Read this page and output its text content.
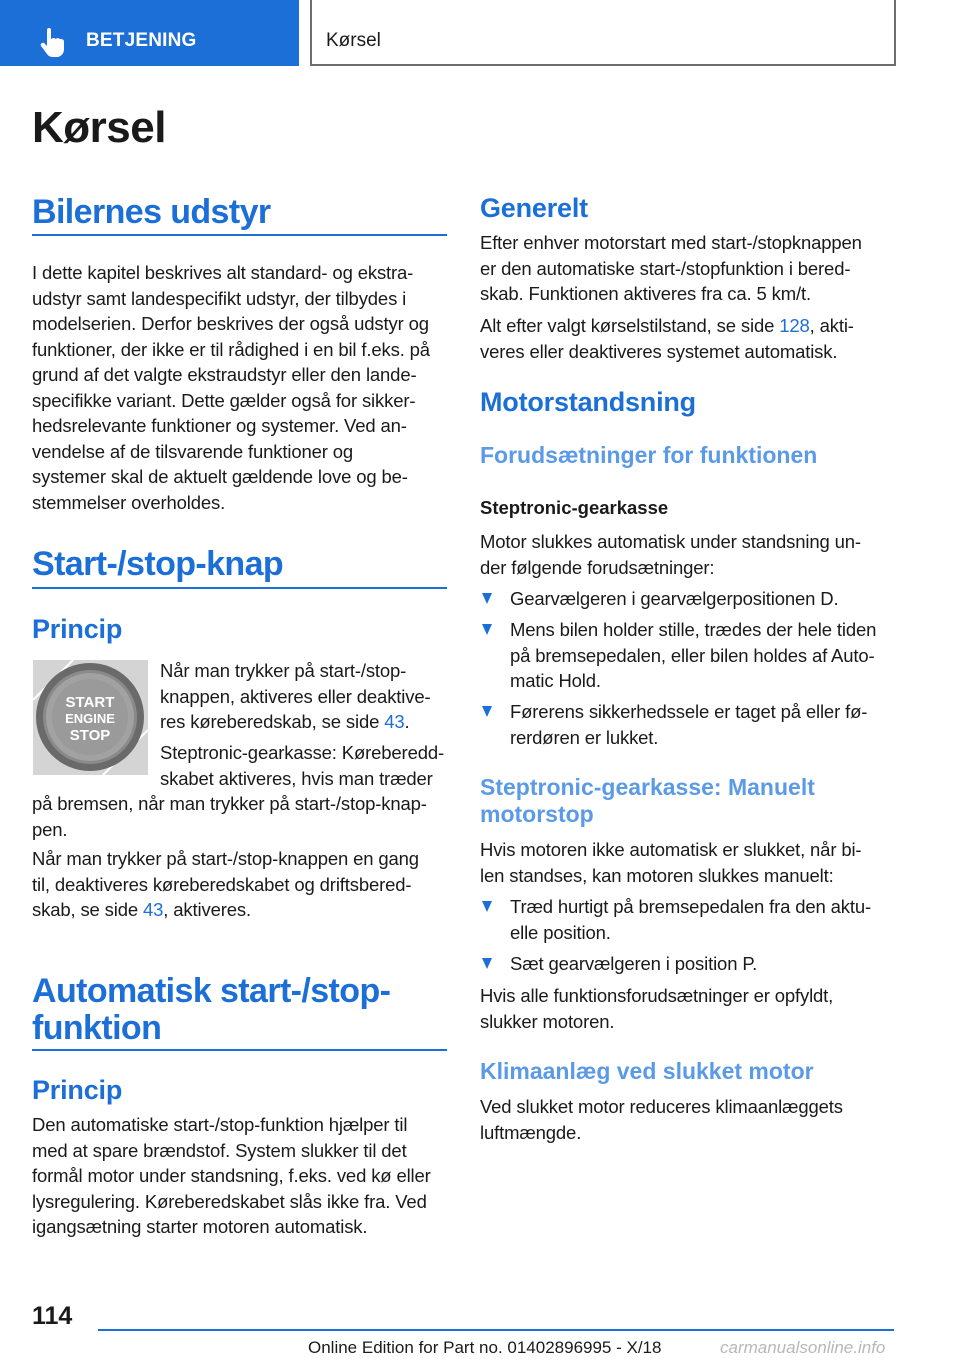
BETJENING	Kørsel
Kørsel
Bilernes udstyr
I dette kapitel beskrives alt standard- og ekstra-
udstyr samt landespecifikt udstyr, der tilbydes i
modelserien. Derfor beskrives der også udstyr og
funktioner, der ikke er til rådighed i en bil f.eks. på
grund af det valgte ekstraudstyr eller den lande-
specifikke variant. Dette gælder også for sikker-
hedsrelevante funktioner og systemer. Ved an-
vendelse af de tilsvarende funktioner og
systemer skal de aktuelt gældende love og be-
stemmelser overholdes.
Start-/stop-knap
Princip
START
ENGINE
STOP
Når man trykker på start-/stop-
knappen, aktiveres eller deaktive-
res køreberedskab, se side 43.
Steptronic-gearkasse: Køreberedd-
skabet aktiveres, hvis man træder
på bremsen, når man trykker på start-/stop-knap-
pen.
Når man trykker på start-/stop-knappen en gang
til, deaktiveres køreberedskabet og driftsbered-
skab, se side 43, aktiveres.
Automatisk start-/stop-
funktion
Princip
Den automatiske start-/stop-funktion hjælper til
med at spare brændstof. System slukker til det
formål motor under standsning, f.eks. ved kø eller
lysregulering. Køreberedskabet slås ikke fra. Ved
igangsætning starter motoren automatisk.
Generelt
Efter enhver motorstart med start-/stopknappen
er den automatiske start-/stopfunktion i bered-
skab. Funktionen aktiveres fra ca. 5 km/t.
Alt efter valgt kørselstilstand, se side 128, akti-
veres eller deaktiveres systemet automatisk.
Motorstandsning
Forudsætninger for funktionen
Steptronic-gearkasse
Motor slukkes automatisk under standsning un-
der følgende forudsætninger:
Gearvælgeren i gearvælgerpositionen D.
Mens bilen holder stille, trædes der hele tiden
på bremsepedalen, eller bilen holdes af Auto-
matic Hold.
Førerens sikkerhedssele er taget på eller fø-
rerdøren er lukket.
Steptronic-gearkasse: Manuelt
motorstop
Hvis motoren ikke automatisk er slukket, når bi-
len standses, kan motoren slukkes manuelt:
Træd hurtigt på bremsepedalen fra den aktu-
elle position.
Sæt gearvælgeren i position P.
Hvis alle funktionsforudsætninger er opfyldt,
slukker motoren.
Klimaanlæg ved slukket motor
Ved slukket motor reduceres klimaanlæggets
luftmængde.
114
Online Edition for Part no. 01402896995 - X/18	carmanualsonline.info
